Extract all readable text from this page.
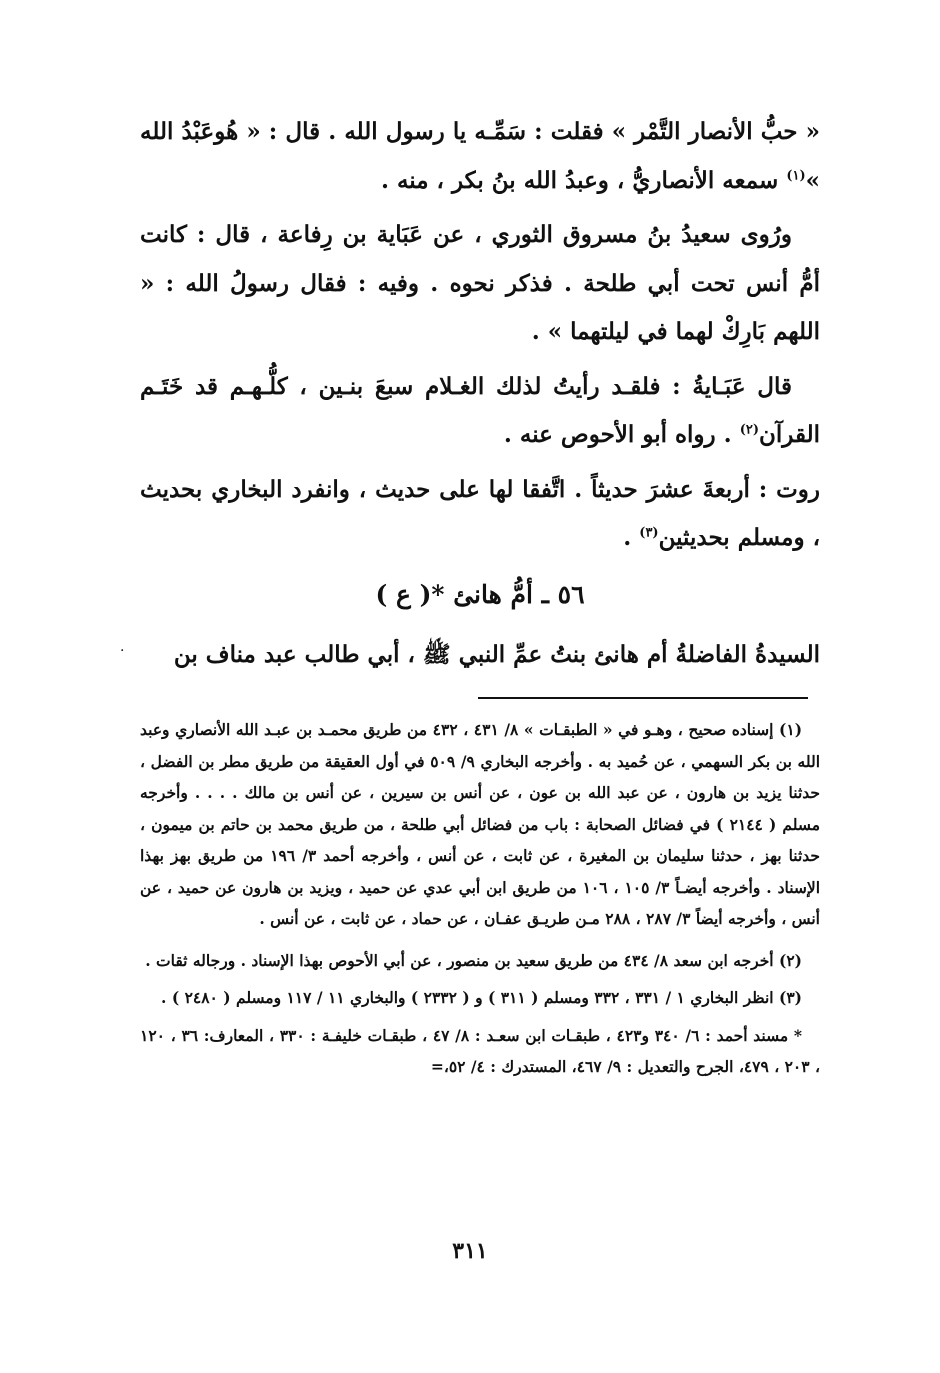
« حبُّ الأنصار التَّمْر » فقلت : سَمِّـه يا رسول الله . قال : « هُوعَبْدُ الله »$^{(١)}$ سمعه الأنصاريُّ ، وعبدُ الله بنُ بكر ، منه .

ورُوى سعيدُ بنُ مسروق الثوري ، عن عَبَاية بن رِفاعة ، قال : كانت أمُّ أنس تحت أبي طلحة . فذكر نحوه . وفيه : فقال رسولُ الله : « اللهم بَارِكْ لهما في ليلتهما » .

قال عَبَـايةُ : فلقـد رأيتُ لذلك الغـلام سبعَ بنـين ، كلُّـهـم قد خَتَـم القرآن$^{(٢)}$ . رواه أبو الأحوص عنه .

روت : أربعةَ عشرَ حديثاً . اتَّفقا لها على حديث ، وانفرد البخاري بحديث ، ومسلم بحديثين$^{(٣)}$ .

٥٦ ـ أمُّ هانئ *( ع )

السيدةُ الفاضلةُ أم هانئ بنتُ عمِّ النبي ﷺ ، أبي طالب عبد مناف بن

·

(١) إسناده صحيح ، وهـو في « الطبقـات » ٨/ ٤٣١ ، ٤٣٢ من طريق محمـد بن عبـد الله الأنصاري وعبد الله بن بكر السهمي ، عن حُميد به . وأخرجه البخاري ٩/ ٥٠٩ في أول العقيقة من طريق مطر بن الفضل ، حدثنا يزيد بن هارون ، عن عبد الله بن عون ، عن أنس بن سيرين ، عن أنس بن مالك . . . . وأخرجه مسلم ( ٢١٤٤ ) في فضائل الصحابة : باب من فضائل أبي طلحة ، من طريق محمد بن حاتم بن ميمون ، حدثنا بهز ، حدثنا سليمان بن المغيرة ، عن ثابت ، عن أنس ، وأخرجه أحمد ٣/ ١٩٦ من طريق بهز بهذا الإسناد . وأخرجه أيضـاً ٣/ ١٠٥ ، ١٠٦ من طريق ابن أبي عدي عن حميد ، ويزيد بن هارون عن حميد ، عن أنس ، وأخرجه أيضاً ٣/ ٢٨٧ ، ٢٨٨ مـن طريـق عفـان ، عن حماد ، عن ثابت ، عن أنس .

(٢) أخرجه ابن سعد ٨/ ٤٣٤ من طريق سعيد بن منصور ، عن أبي الأحوص بهذا الإسناد . ورجاله ثقات .

(٣) انظر البخاري ١ / ٣٣١ ، ٣٣٢ ومسلم ( ٣١١ ) و ( ٢٣٣٢ ) والبخاري ١١ / ١١٧ ومسلم ( ٢٤٨٠ ) .

* مسند أحمد : ٦/ ٣٤٠ و٤٢٣ ، طبقـات ابن سعـد : ٨/ ٤٧ ، طبقـات خليفـة : ٣٣٠ ، المعارف: ٣٦ ، ١٢٠ ، ٢٠٣ ، ٤٧٩، الجرح والتعديل : ٩/ ٤٦٧، المستدرك : ٤/ ٥٢،=

٣١١
